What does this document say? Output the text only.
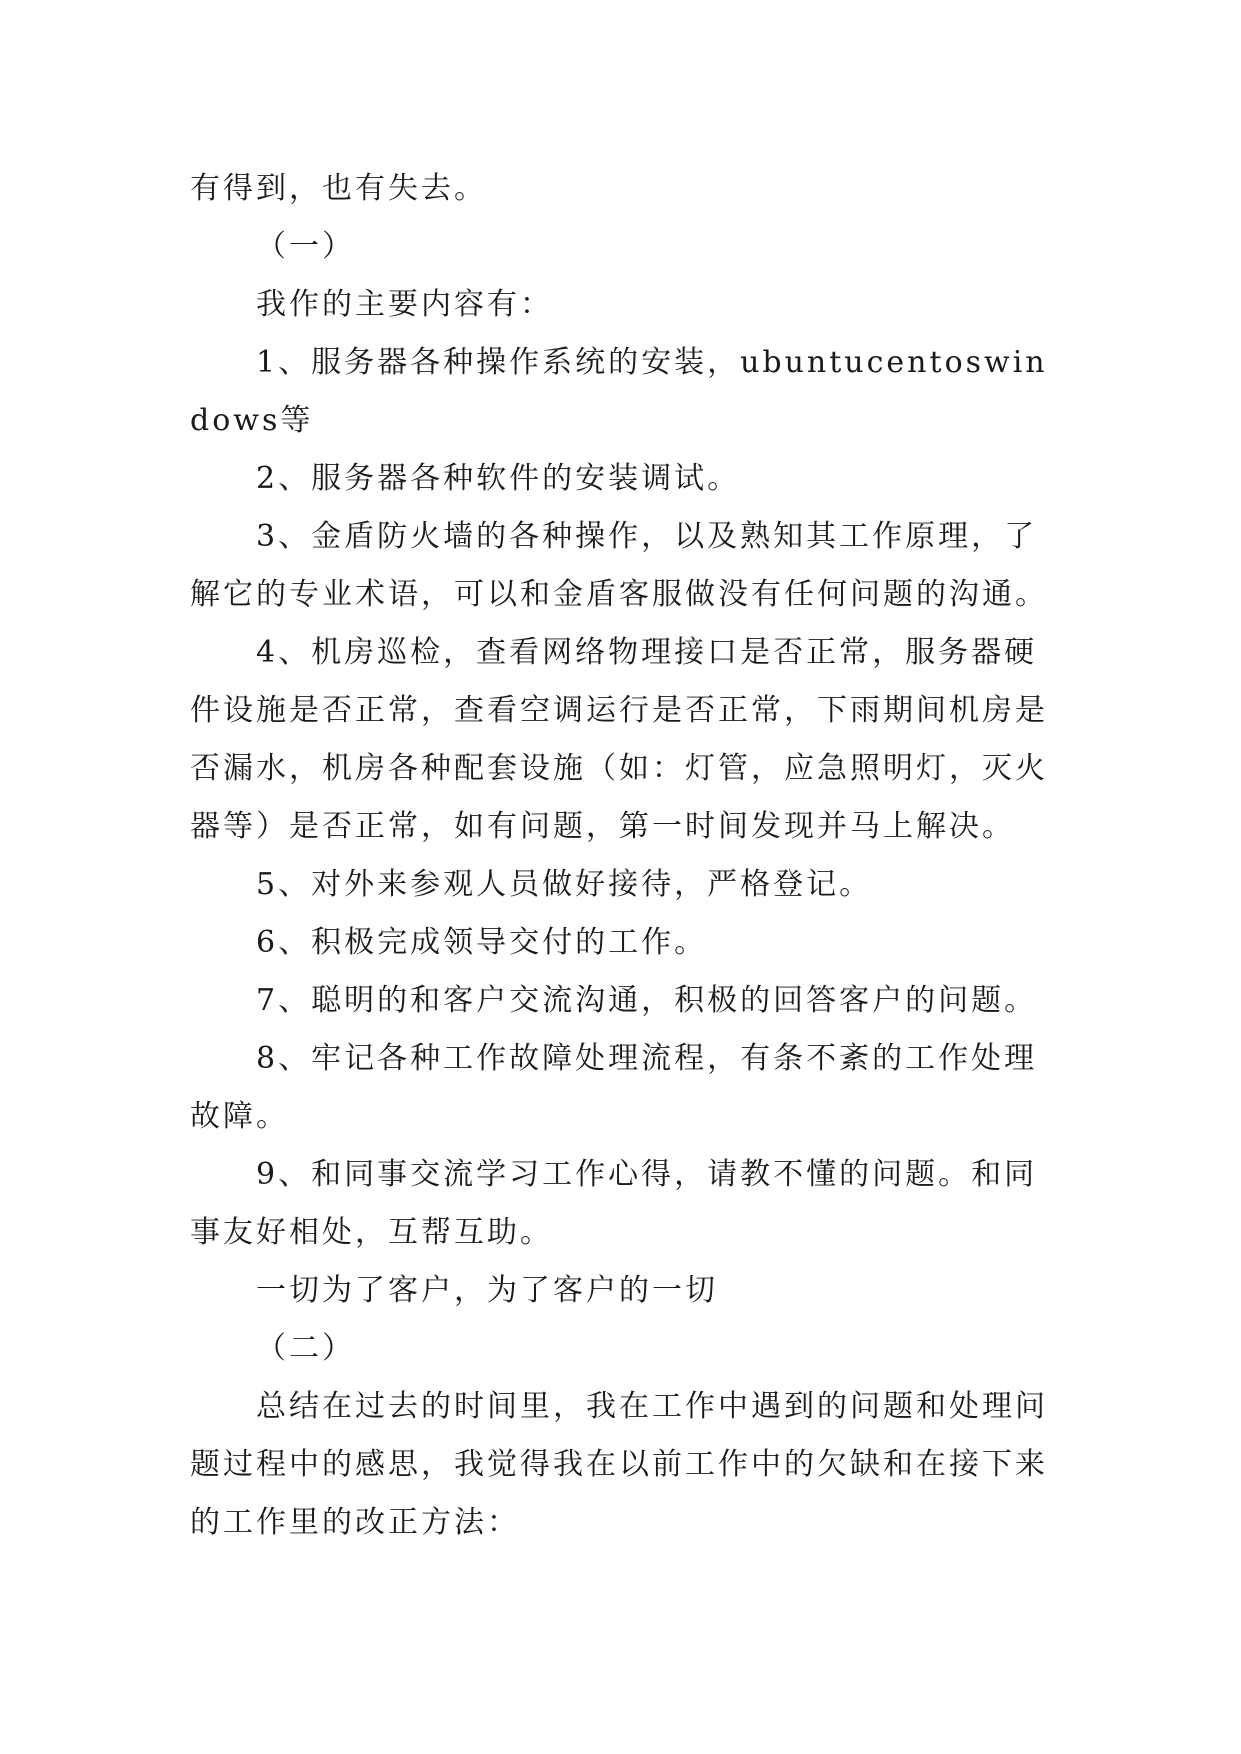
有得到，也有失去。

（一）

我作的主要内容有：

1、服务器各种操作系统的安装，ubuntucentoswindows等

2、服务器各种软件的安装调试。

3、金盾防火墙的各种操作，以及熟知其工作原理，了解它的专业术语，可以和金盾客服做没有任何问题的沟通。

4、机房巡检，查看网络物理接口是否正常，服务器硬件设施是否正常，查看空调运行是否正常，下雨期间机房是否漏水，机房各种配套设施（如：灯管，应急照明灯，灭火器等）是否正常，如有问题，第一时间发现并马上解决。

5、对外来参观人员做好接待，严格登记。

6、积极完成领导交付的工作。

7、聪明的和客户交流沟通，积极的回答客户的问题。

8、牢记各种工作故障处理流程，有条不紊的工作处理故障。

9、和同事交流学习工作心得，请教不懂的问题。和同事友好相处，互帮互助。

一切为了客户，为了客户的一切

（二）

总结在过去的时间里，我在工作中遇到的问题和处理问题过程中的感思，我觉得我在以前工作中的欠缺和在接下来的工作里的改正方法：
